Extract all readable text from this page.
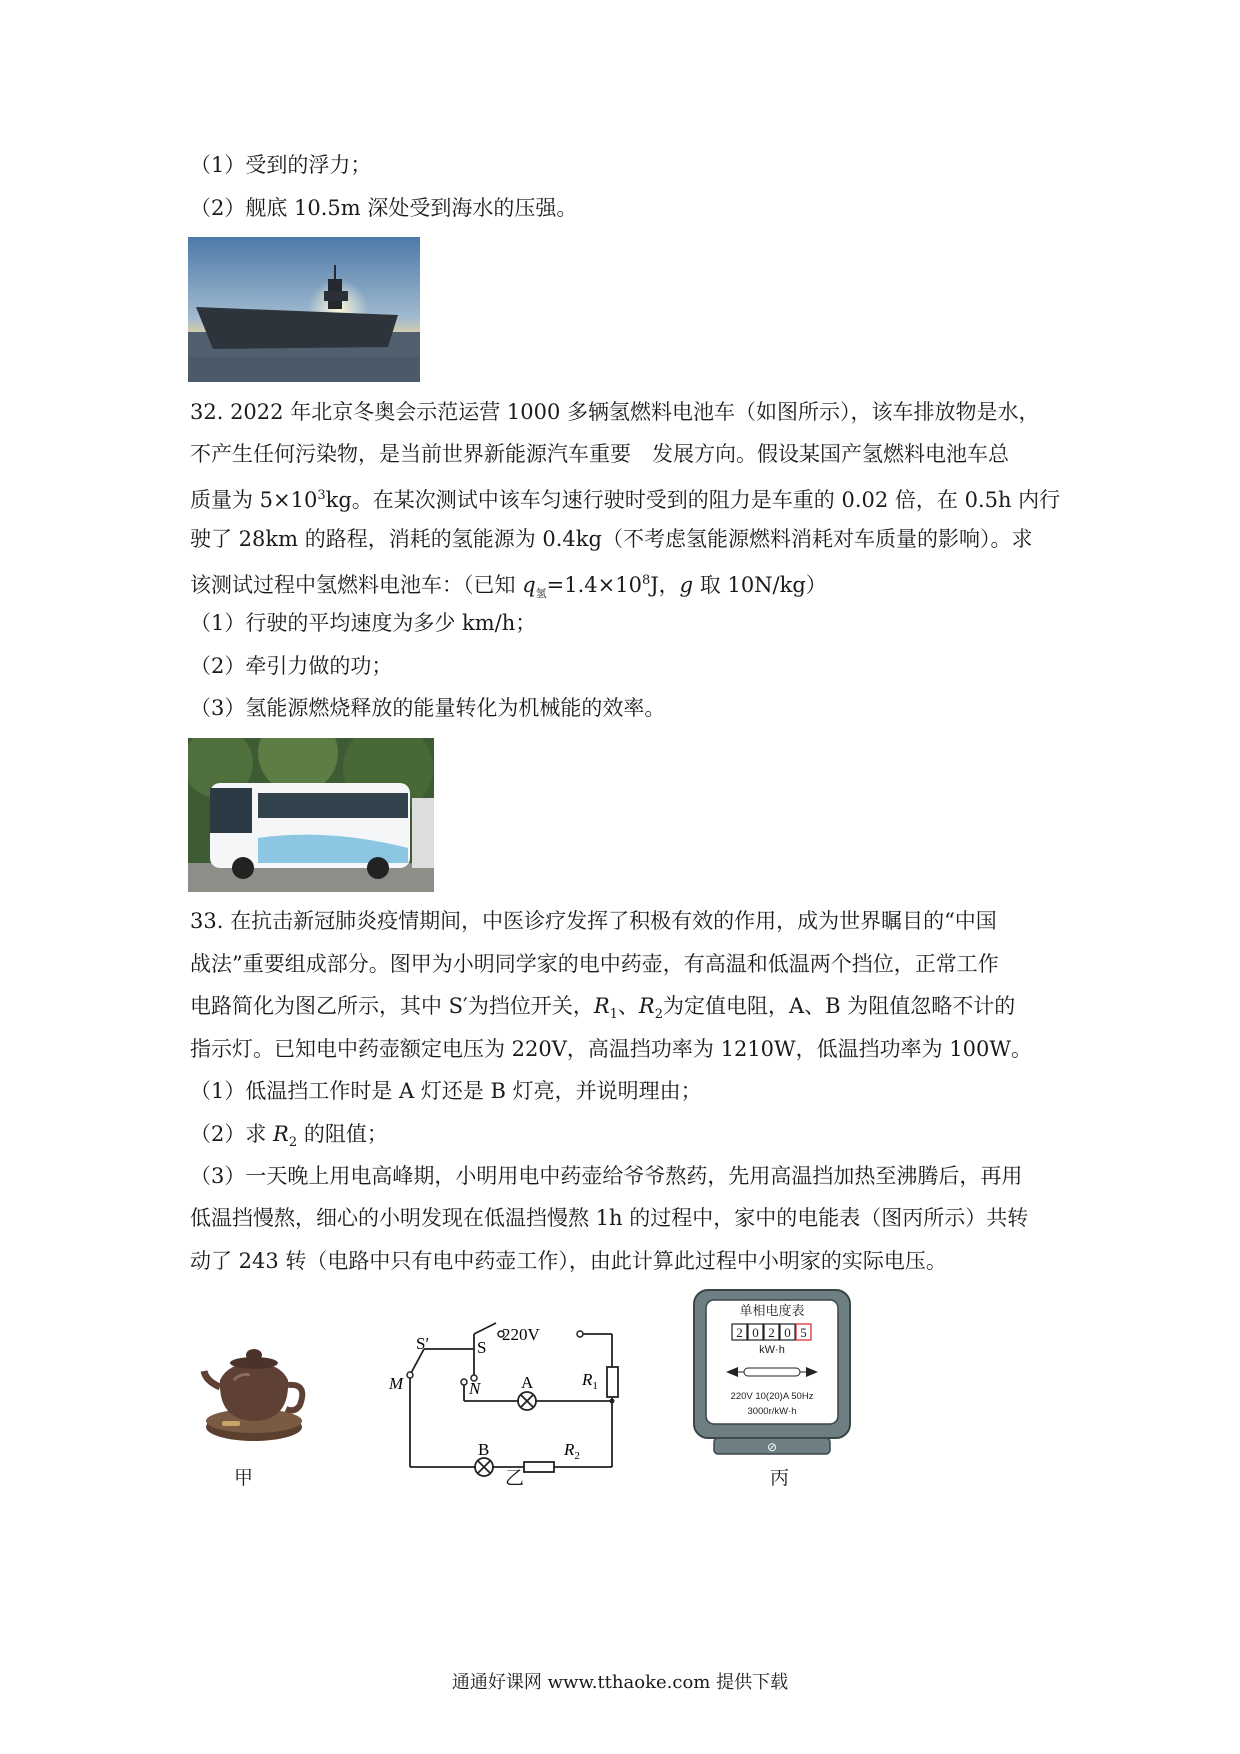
（1）受到的浮力；
（2）舰底 10.5m 深处受到海水的压强。
32. 2022 年北京冬奥会示范运营 1000 多辆氢燃料电池车（如图所示），该车排放物是水，
不产生任何污染物，是当前世界新能源汽车重要　发展方向。假设某国产氢燃料电池车总
质量为 $5\times 10^3kg$。在某次测试中该车匀速行驶时受到的阻力是车重的 0.02 倍，在 0.5h 内行
驶了 28km 的路程，消耗的氢能源为 0.4kg（不考虑氢能源燃料消耗对车质量的影响）。求
该测试过程中氢燃料电池车：（已知 $q_氢=1.4\times 10^8J$，g 取 10N/kg）
（1）行驶的平均速度为多少 km/h；
（2）牵引力做的功；
（3）氢能源燃烧释放的能量转化为机械能的效率。
33. 在抗击新冠肺炎疫情期间，中医诊疗发挥了积极有效的作用，成为世界瞩目的“中国
战法”重要组成部分。图甲为小明同学家的电中药壶，有高温和低温两个挡位，正常工作
电路简化为图乙所示，其中 S′为挡位开关，$R_1$、$R_2$为定值电阻，A、B 为阻值忽略不计的
指示灯。已知电中药壶额定电压为 220V，高温挡功率为 1210W，低温挡功率为 100W。
（1）低温挡工作时是 A 灯还是 B 灯亮，并说明理由；
（2）求 $R_2$ 的阻值；
（3）一天晚上用电高峰期，小明用电中药壶给爷爷熬药，先用高温挡加热至沸腾后，再用
低温挡慢熬，细心的小明发现在低温挡慢熬 1h 的过程中，家中的电能表（图丙所示）共转
动了 243 转（电路中只有电中药壶工作），由此计算此过程中小明家的实际电压。
220V
S
S′
M	N A
B
$R_1$
$R_2$
单相电度表
2 0 2 0 5
kW·h
220V 10(20)A 50Hz
3000r/kW·h
⊘
甲	乙	丙
通通好课网 www.tthaoke.com 提供下载
